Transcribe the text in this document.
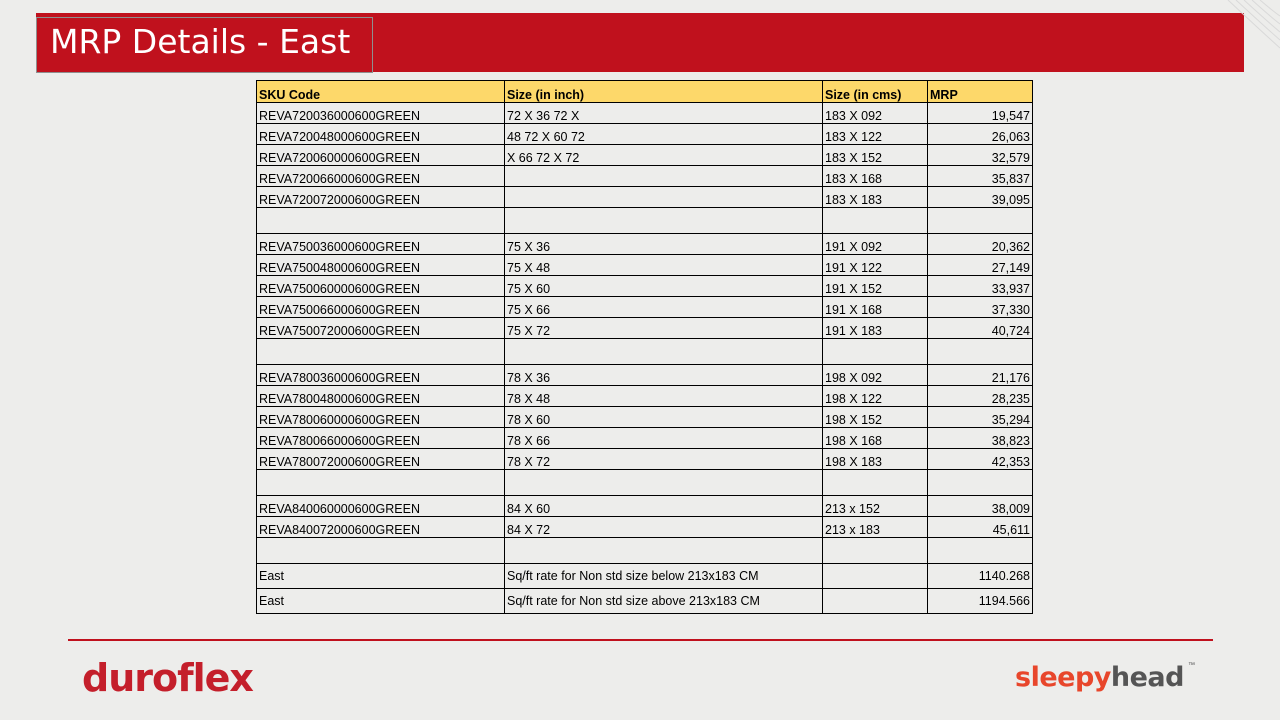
MRP Details - East
SKU Code	Size (in inch)	Size (in cms)	MRP
REVA720036000600GREEN	72 X 36 72 X	183 X 092	19,547
REVA720048000600GREEN	48 72 X 60 72	183 X 122	26,063
REVA720060000600GREEN	X 66 72 X 72	183 X 152	32,579
REVA720066000600GREEN		183 X 168	35,837
REVA720072000600GREEN		183 X 183	39,095

REVA750036000600GREEN	75 X 36	191 X 092	20,362
REVA750048000600GREEN	75 X 48	191 X 122	27,149
REVA750060000600GREEN	75 X 60	191 X 152	33,937
REVA750066000600GREEN	75 X 66	191 X 168	37,330
REVA750072000600GREEN	75 X 72	191 X 183	40,724

REVA780036000600GREEN	78 X 36	198 X 092	21,176
REVA780048000600GREEN	78 X 48	198 X 122	28,235
REVA780060000600GREEN	78 X 60	198 X 152	35,294
REVA780066000600GREEN	78 X 66	198 X 168	38,823
REVA780072000600GREEN	78 X 72	198 X 183	42,353

REVA840060000600GREEN	84 X 60	213 x 152	38,009
REVA840072000600GREEN	84 X 72	213 x 183	45,611

East	Sq/ft rate for Non std size below 213x183 CM		1140.268
East	Sq/ft rate for Non std size above 213x183 CM		1194.566

duroflex	sleepyhead ™
